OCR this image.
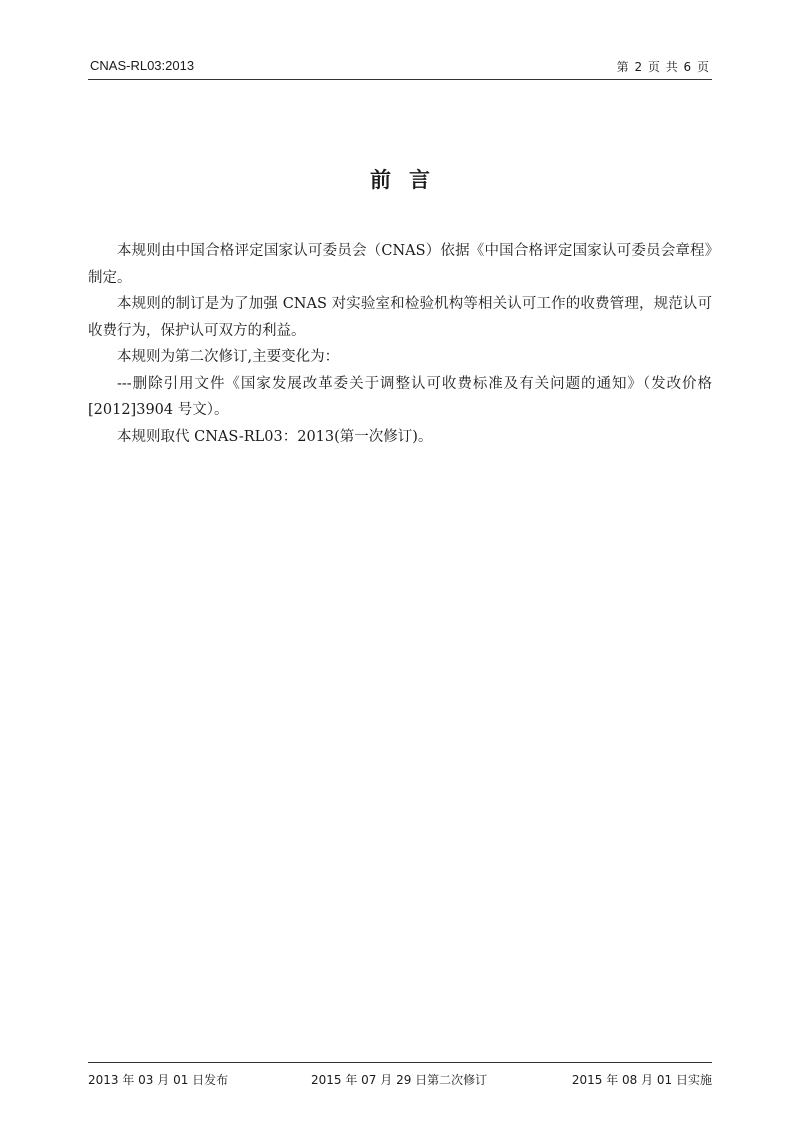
CNAS-RL03:2013	第 2 页 共 6 页
前言

本规则由中国合格评定国家认可委员会（CNAS）依据《中国合格评定国家认可委员会章程》制定。

本规则的制订是为了加强 CNAS 对实验室和检验机构等相关认可工作的收费管理，规范认可收费行为，保护认可双方的利益。

本规则为第二次修订,主要变化为：

---删除引用文件《国家发展改革委关于调整认可收费标准及有关问题的通知》（发改价格[2012]3904 号文）。

本规则取代 CNAS-RL03：2013(第一次修订)。

2013 年 03 月 01 日发布	2015 年 07 月 29 日第二次修订	2015 年 08 月 01 日实施
